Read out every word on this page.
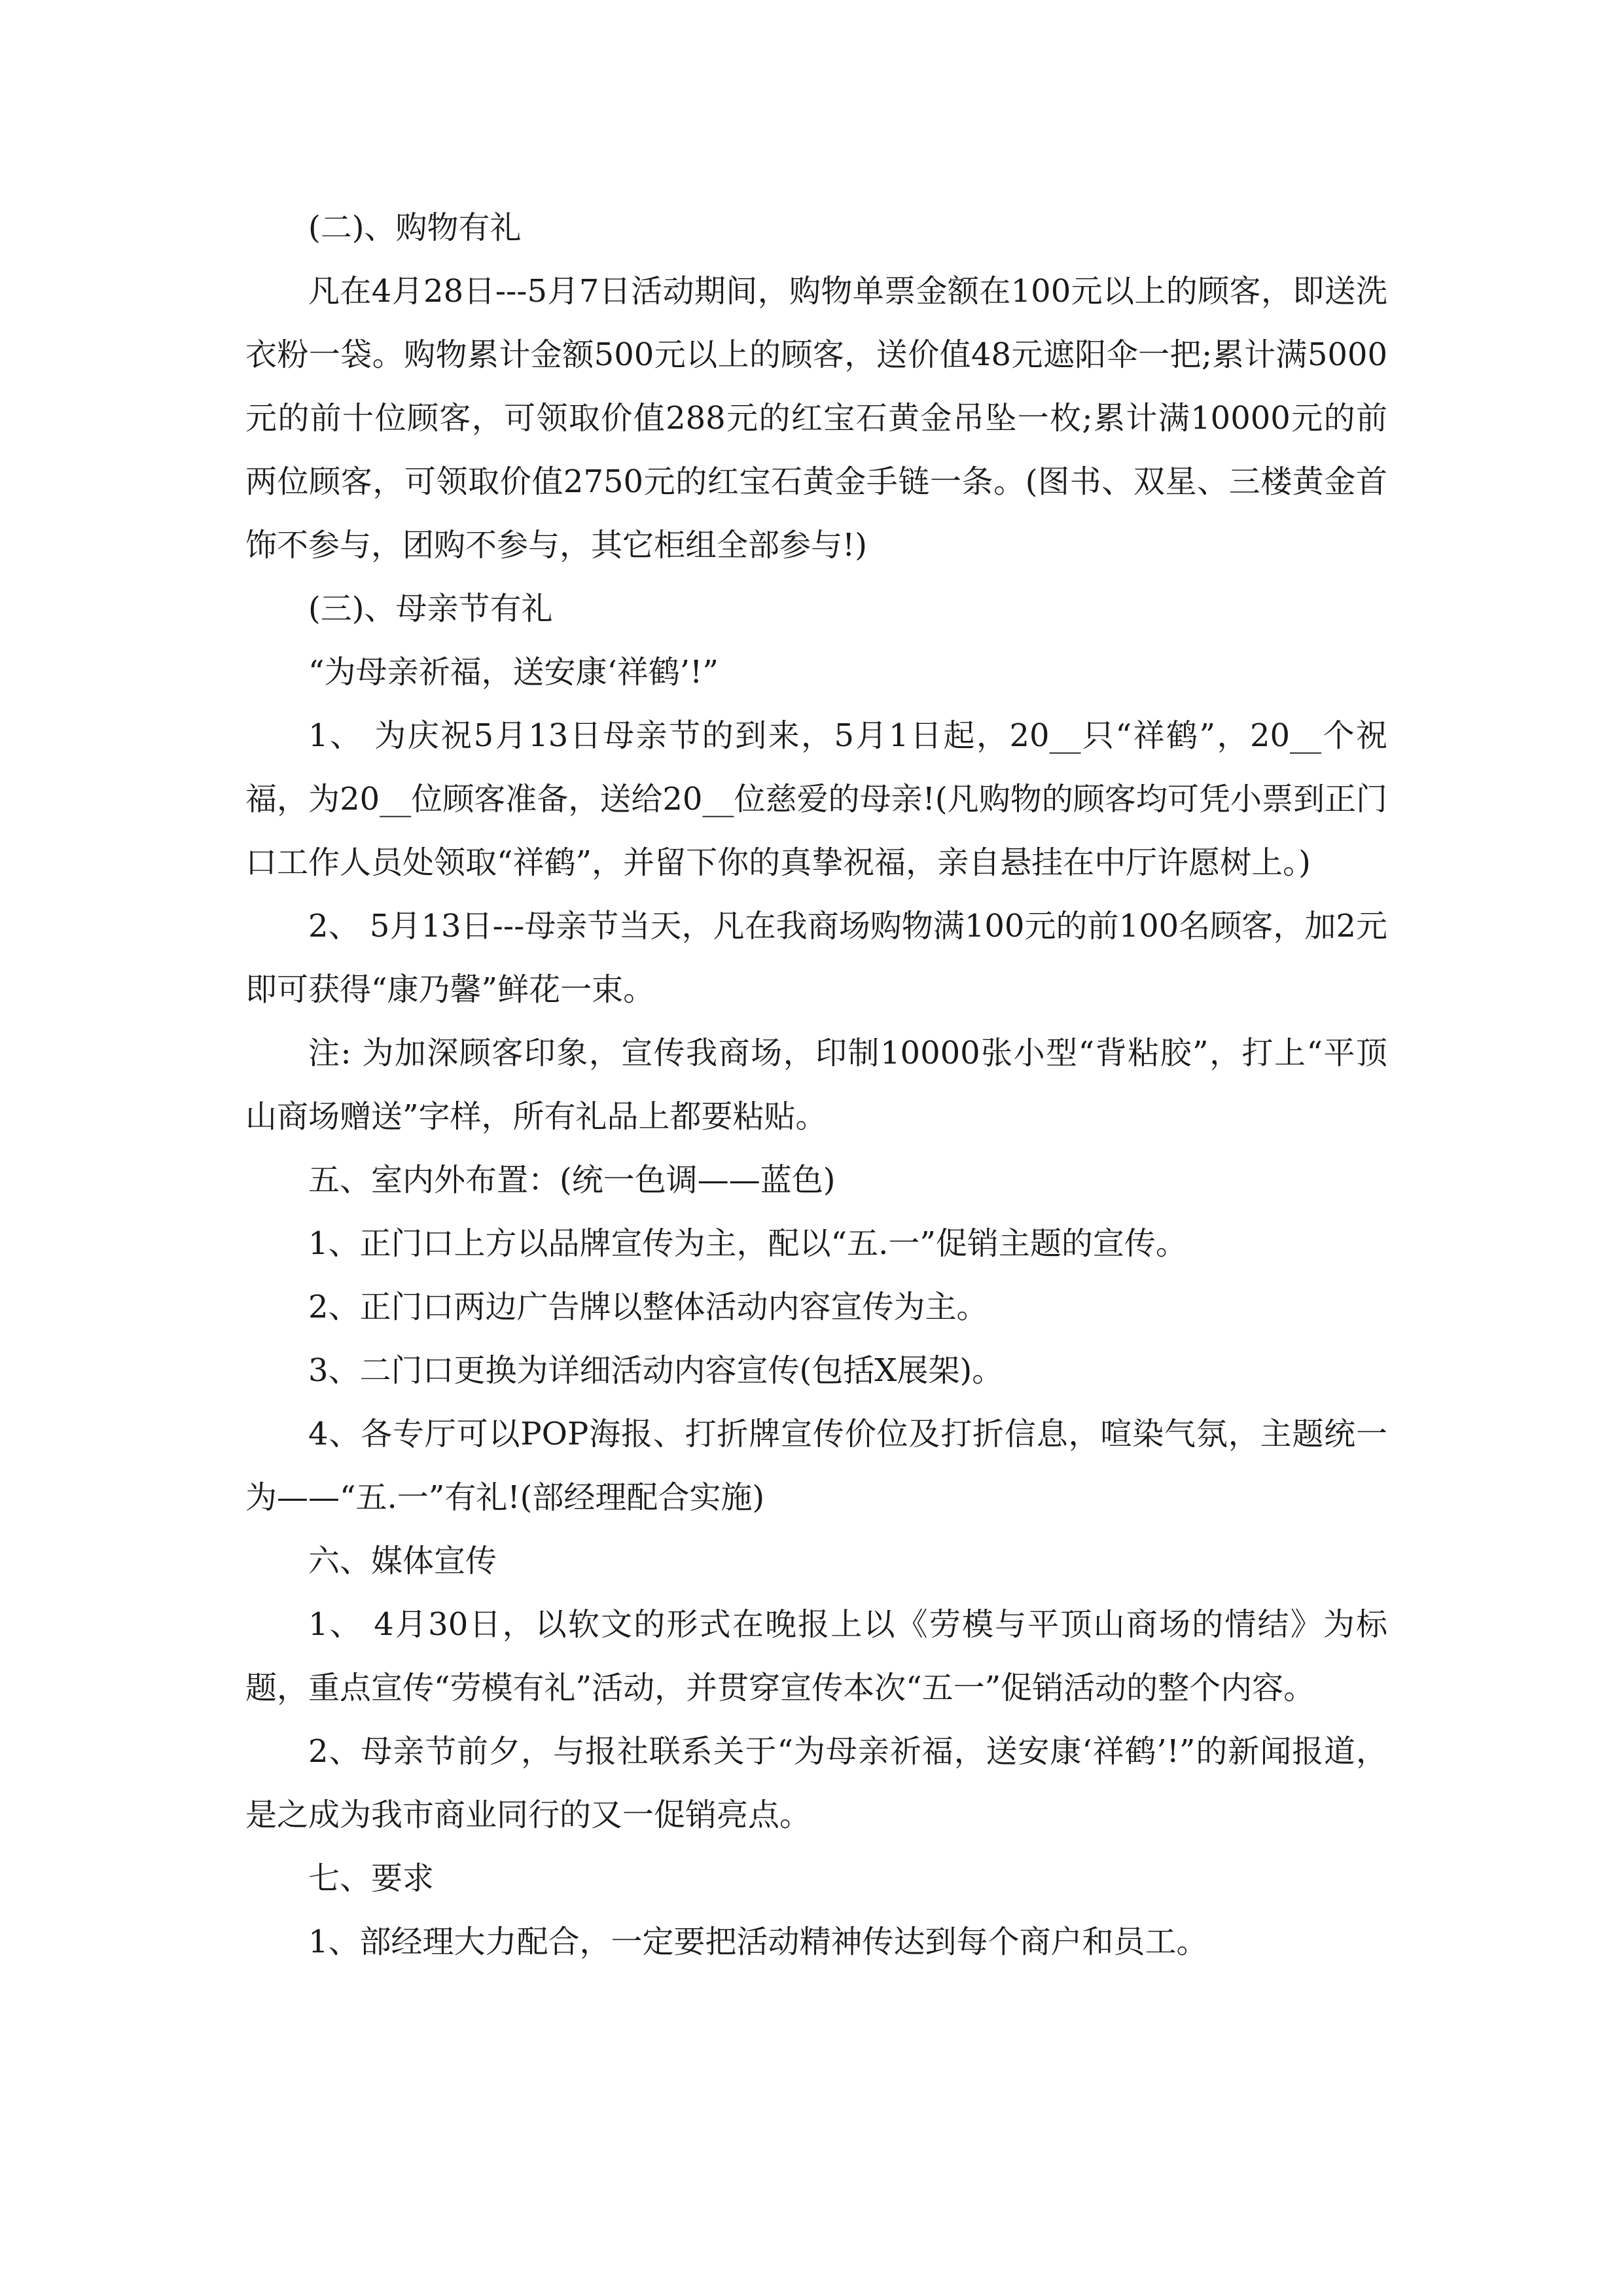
(二)、购物有礼

凡在4月28日---5月7日活动期间，购物单票金额在100元以上的顾客，即送洗衣粉一袋。购物累计金额500元以上的顾客，送价值48元遮阳伞一把;累计满5000元的前十位顾客，可领取价值288元的红宝石黄金吊坠一枚;累计满10000元的前两位顾客，可领取价值2750元的红宝石黄金手链一条。(图书、双星、三楼黄金首饰不参与，团购不参与，其它柜组全部参与!)

(三)、母亲节有礼

“为母亲祈福，送安康‘祥鹤’!”

1、 为庆祝5月13日母亲节的到来，5月1日起，20__只“祥鹤”，20__个祝福，为20__位顾客准备，送给20__位慈爱的母亲!(凡购物的顾客均可凭小票到正门口工作人员处领取“祥鹤”，并留下你的真挚祝福，亲自悬挂在中厅许愿树上。)

2、 5月13日---母亲节当天，凡在我商场购物满100元的前100名顾客，加2元即可获得“康乃馨”鲜花一束。

注: 为加深顾客印象，宣传我商场，印制10000张小型“背粘胶”，打上“平顶山商场赠送”字样，所有礼品上都要粘贴。

五、室内外布置：(统一色调——蓝色)

1、正门口上方以品牌宣传为主，配以“五.一”促销主题的宣传。

2、正门口两边广告牌以整体活动内容宣传为主。

3、二门口更换为详细活动内容宣传(包括X展架)。

4、各专厅可以POP海报、打折牌宣传价位及打折信息，喧染气氛，主题统一为——“五.一”有礼!(部经理配合实施)

六、媒体宣传

1、 4月30日，以软文的形式在晚报上以《劳模与平顶山商场的情结》为标题，重点宣传“劳模有礼”活动，并贯穿宣传本次“五一”促销活动的整个内容。

2、母亲节前夕，与报社联系关于“为母亲祈福，送安康‘祥鹤’!”的新闻报道，是之成为我市商业同行的又一促销亮点。

七、要求

1、部经理大力配合，一定要把活动精神传达到每个商户和员工。
